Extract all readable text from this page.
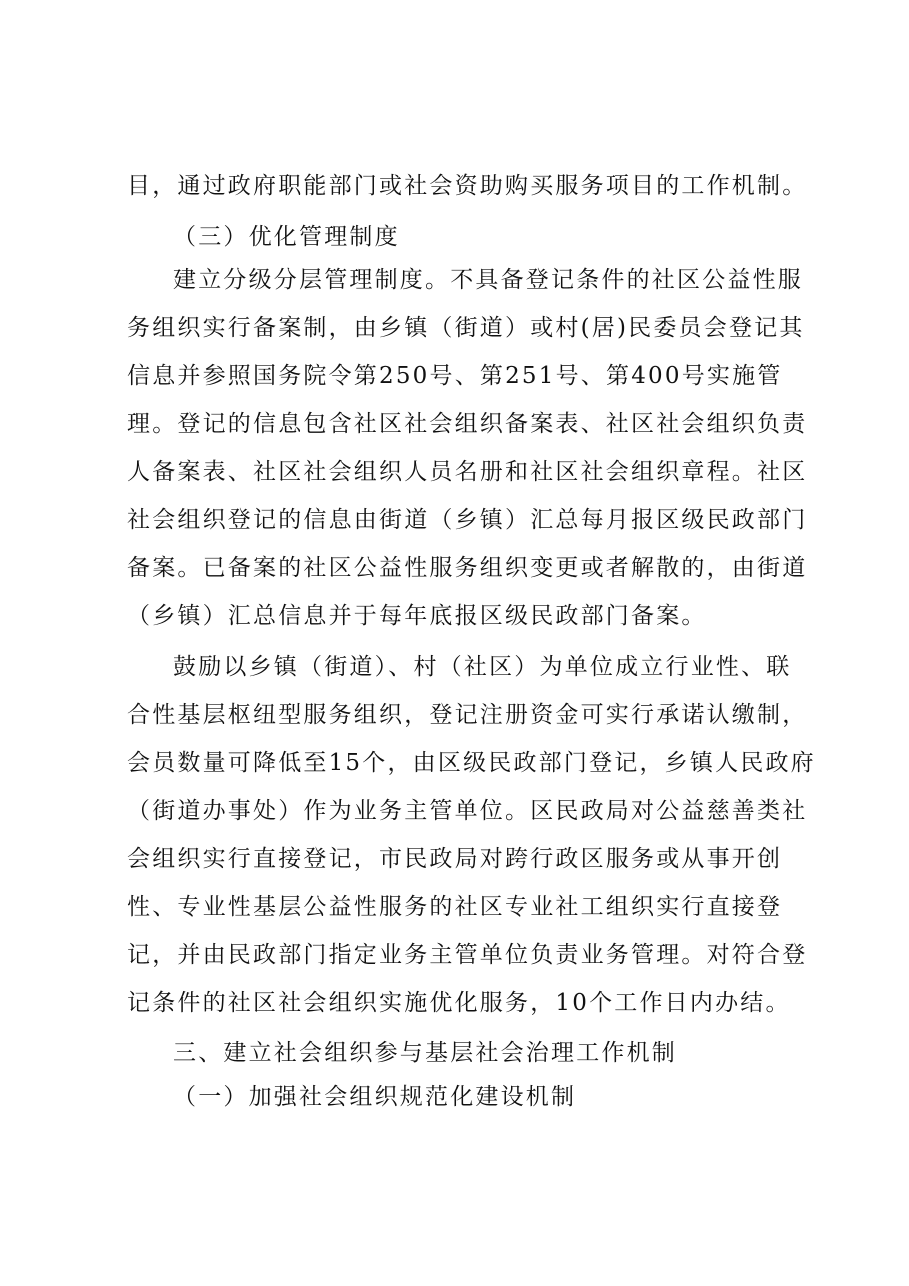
目，通过政府职能部门或社会资助购买服务项目的工作机制。
（三）优化管理制度
建立分级分层管理制度。不具备登记条件的社区公益性服
务组织实行备案制，由乡镇（街道）或村(居)民委员会登记其
信息并参照国务院令第250号、第251号、第400号实施管
理。登记的信息包含社区社会组织备案表、社区社会组织负责
人备案表、社区社会组织人员名册和社区社会组织章程。社区
社会组织登记的信息由街道（乡镇）汇总每月报区级民政部门
备案。已备案的社区公益性服务组织变更或者解散的，由街道
（乡镇）汇总信息并于每年底报区级民政部门备案。
鼓励以乡镇（街道）、村（社区）为单位成立行业性、联
合性基层枢纽型服务组织，登记注册资金可实行承诺认缴制，
会员数量可降低至15个，由区级民政部门登记，乡镇人民政府
（街道办事处）作为业务主管单位。区民政局对公益慈善类社
会组织实行直接登记，市民政局对跨行政区服务或从事开创
性、专业性基层公益性服务的社区专业社工组织实行直接登
记，并由民政部门指定业务主管单位负责业务管理。对符合登
记条件的社区社会组织实施优化服务，10个工作日内办结。
三、建立社会组织参与基层社会治理工作机制
（一）加强社会组织规范化建设机制
